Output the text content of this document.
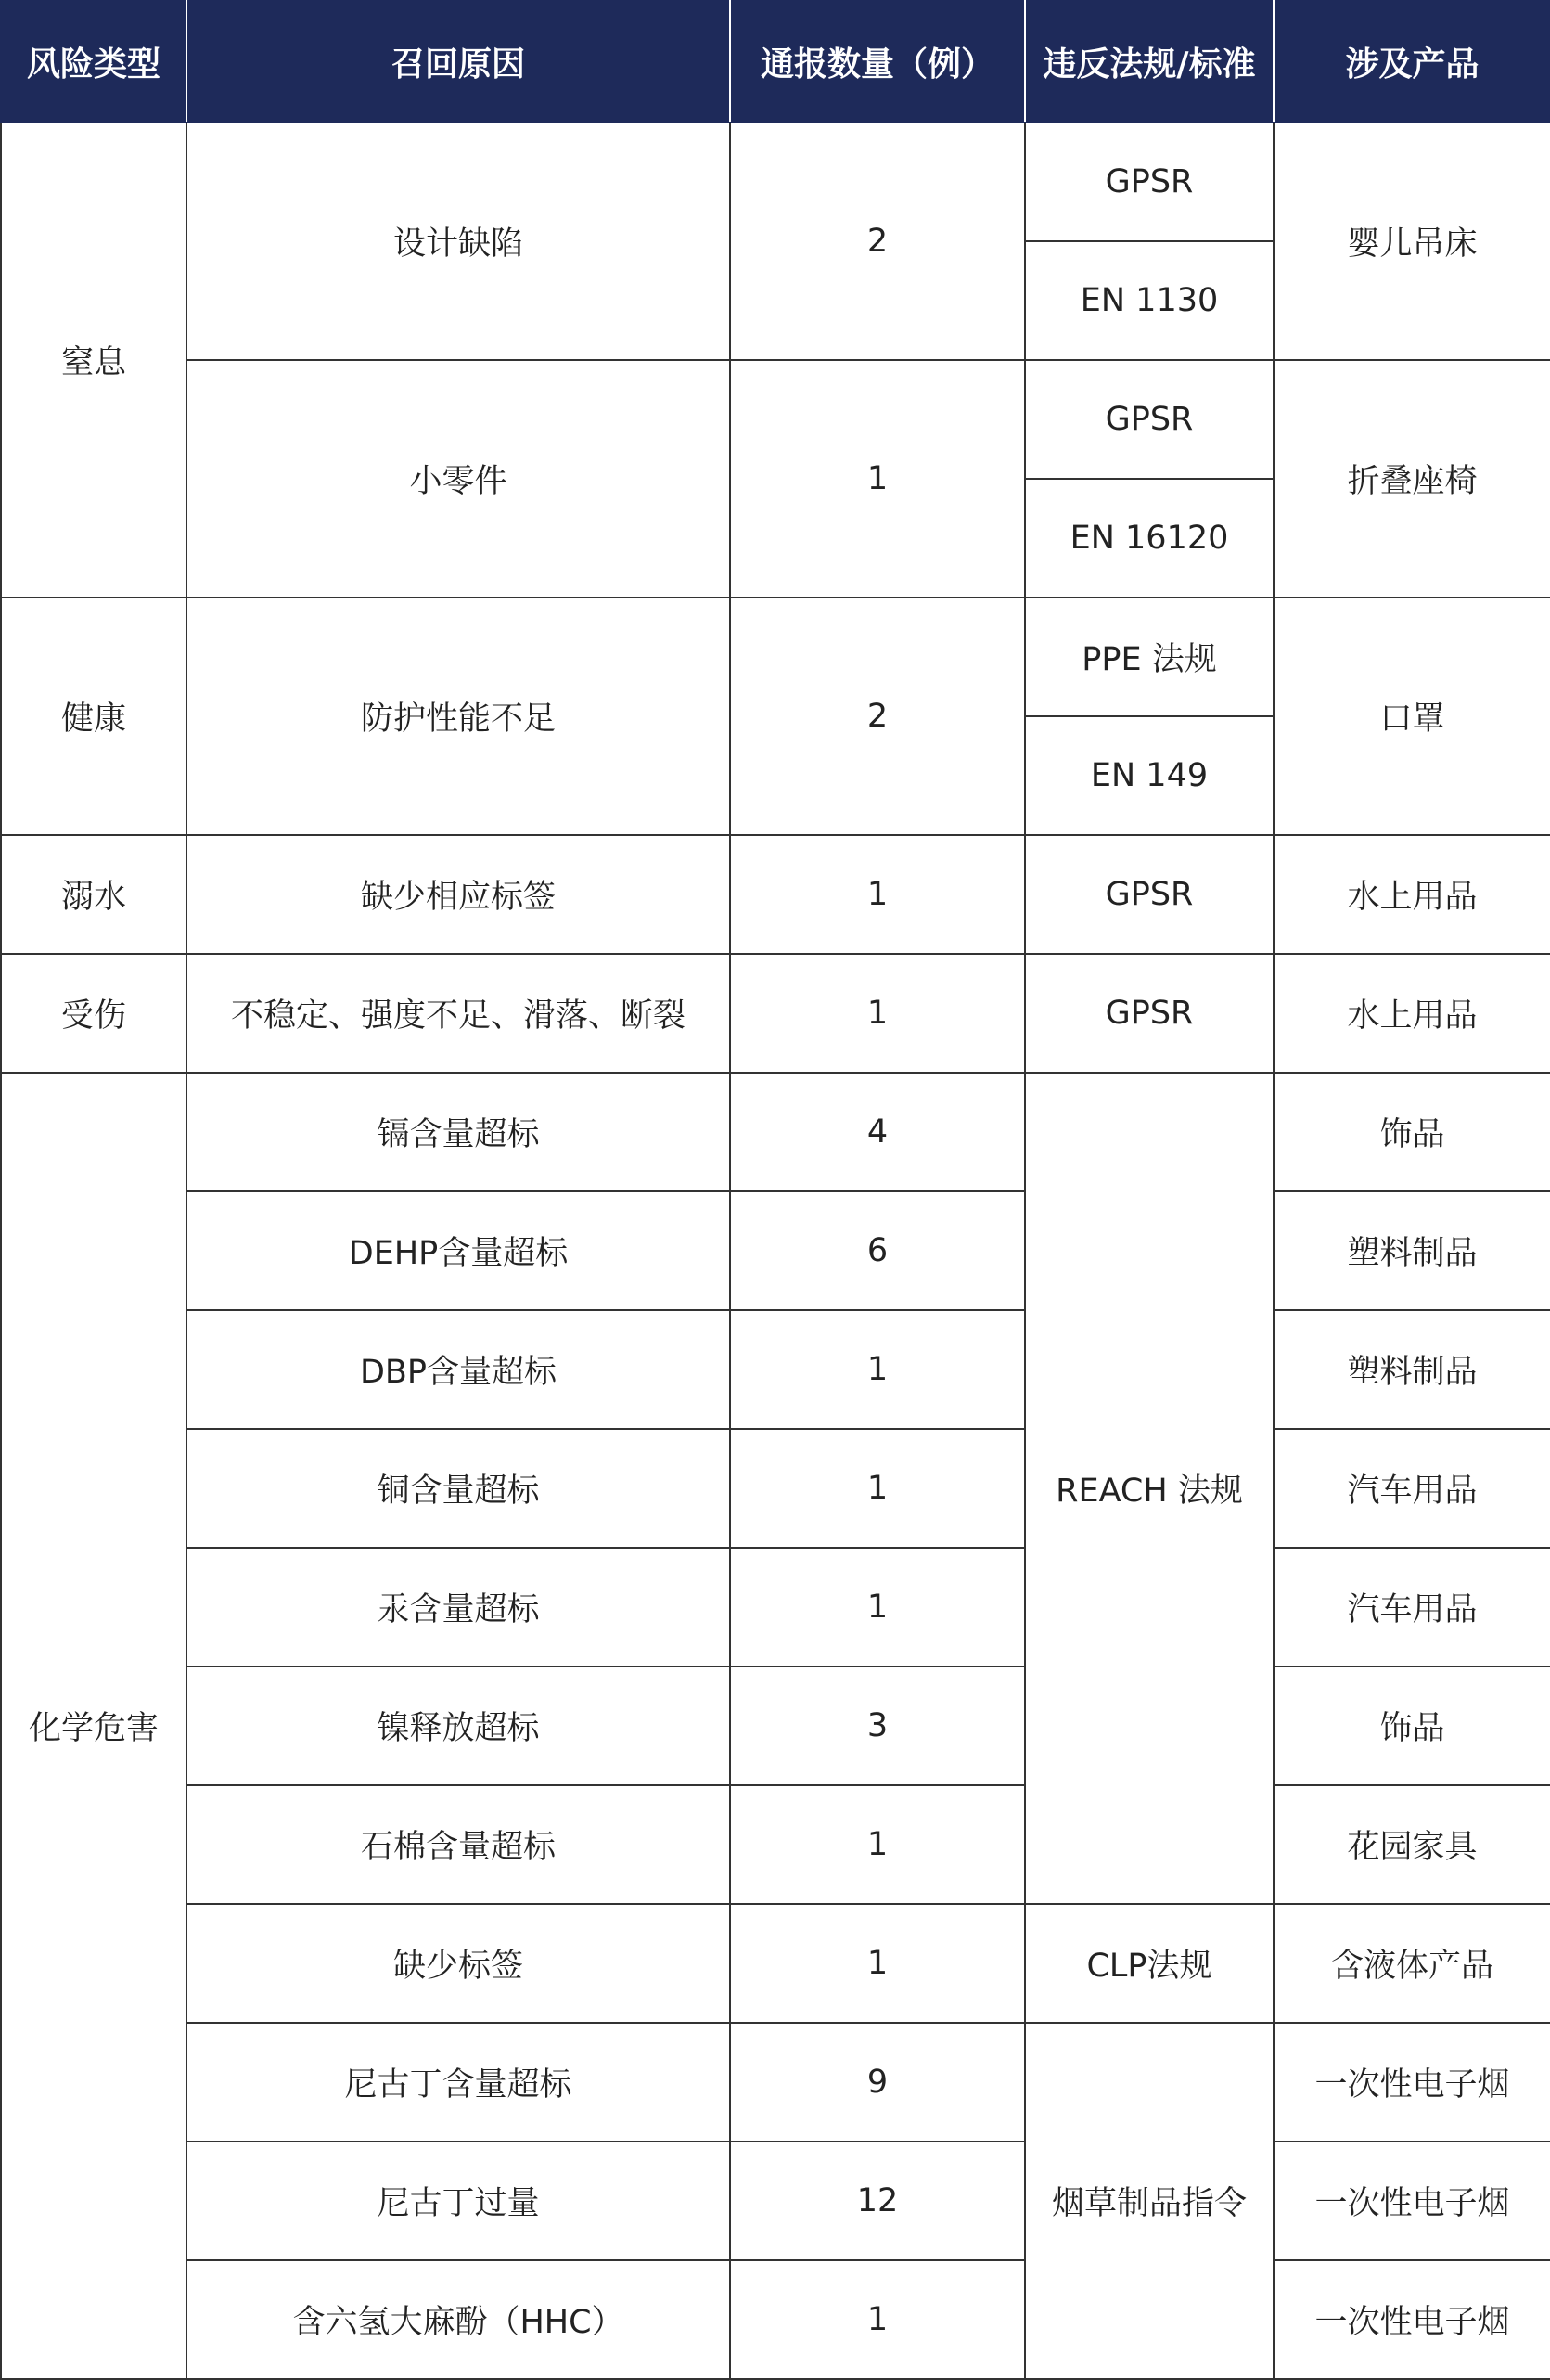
风险类型	召回原因	通报数量（例）	违反法规/标准	涉及产品
窒息	设计缺陷	2	GPSR	婴儿吊床
			EN 1130	
	小零件	1	GPSR	折叠座椅
			EN 16120	
健康	防护性能不足	2	PPE 法规	口罩
			EN 149	
溺水	缺少相应标签	1	GPSR	水上用品
受伤	不稳定、强度不足、滑落、断裂	1	GPSR	水上用品
化学危害	镉含量超标	4	REACH 法规	饰品
	DEHP含量超标	6		塑料制品
	DBP含量超标	1		塑料制品
	铜含量超标	1		汽车用品
	汞含量超标	1		汽车用品
	镍释放超标	3		饰品
	石棉含量超标	1		花园家具
	缺少标签	1	CLP法规	含液体产品
	尼古丁含量超标	9	烟草制品指令	一次性电子烟
	尼古丁过量	12		一次性电子烟
	含六氢大麻酚（HHC）	1		一次性电子烟
